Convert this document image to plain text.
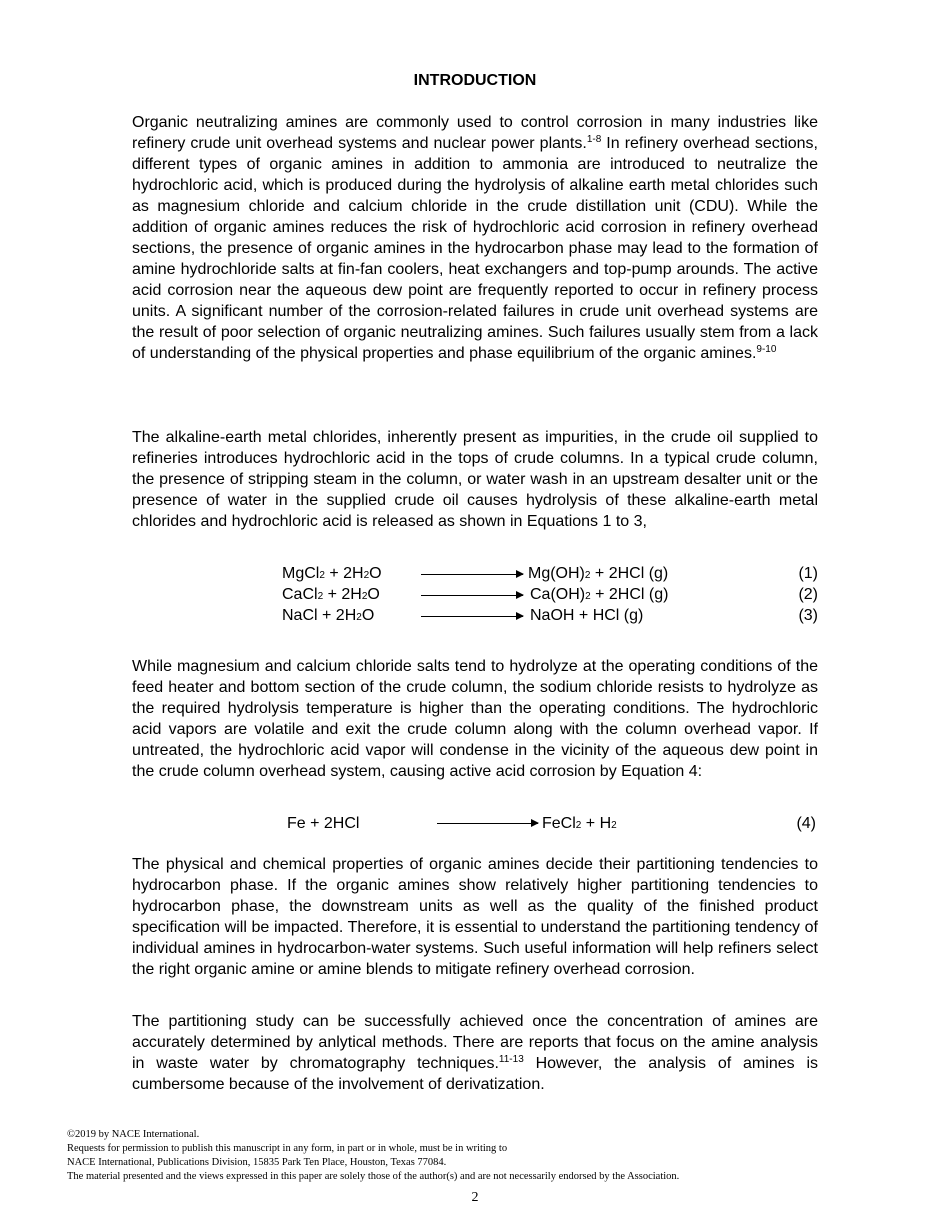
INTRODUCTION

Organic neutralizing amines are commonly used to control corrosion in many industries like refinery crude unit overhead systems and nuclear power plants.$^{1-8}$ In refinery overhead sections, different types of organic amines in addition to ammonia are introduced to neutralize the hydrochloric acid, which is produced during the hydrolysis of alkaline earth metal chlorides such as magnesium chloride and calcium chloride in the crude distillation unit (CDU). While the addition of organic amines reduces the risk of hydrochloric acid corrosion in refinery overhead sections, the presence of organic amines in the hydrocarbon phase may lead to the formation of amine hydrochloride salts at fin-fan coolers, heat exchangers and top-pump arounds. The active acid corrosion near the aqueous dew point are frequently reported to occur in refinery process units. A significant number of the corrosion-related failures in crude unit overhead systems are the result of poor selection of organic neutralizing amines. Such failures usually stem from a lack of understanding of the physical properties and phase equilibrium of the organic amines.$^{9-10}$

The alkaline-earth metal chlorides, inherently present as impurities, in the crude oil supplied to refineries introduces hydrochloric acid in the tops of crude columns. In a typical crude column, the presence of stripping steam in the column, or water wash in an upstream desalter unit or the presence of water in the supplied crude oil causes hydrolysis of these alkaline-earth metal chlorides and hydrochloric acid is released as shown in Equations 1 to 3,

MgCl2 + 2H2O	Mg(OH)2 + 2HCl (g)	(1)
CaCl2 + 2H2O	Ca(OH)2 + 2HCl (g)	(2)
NaCl + 2H2O	NaOH + HCl (g)	(3)

While magnesium and calcium chloride salts tend to hydrolyze at the operating conditions of the feed heater and bottom section of the crude column, the sodium chloride resists to hydrolyze as the required hydrolysis temperature is higher than the operating conditions. The hydrochloric acid vapors are volatile and exit the crude column along with the column overhead vapor. If untreated, the hydrochloric acid vapor will condense in the vicinity of the aqueous dew point in the crude column overhead system, causing active acid corrosion by Equation 4:

Fe + 2HCl	FeCl2 + H2	(4)

The physical and chemical properties of organic amines decide their partitioning tendencies to hydrocarbon phase. If the organic amines show relatively higher partitioning tendencies to hydrocarbon phase, the downstream units as well as the quality of the finished product specification will be impacted. Therefore, it is essential to understand the partitioning tendency of individual amines in hydrocarbon-water systems. Such useful information will help refiners select the right organic amine or amine blends to mitigate refinery overhead corrosion.

The partitioning study can be successfully achieved once the concentration of amines are accurately determined by anlytical methods. There are reports that focus on the amine analysis in waste water by chromatography techniques.$^{11-13}$ However, the analysis of amines is cumbersome because of the involvement of derivatization.

©2019 by NACE International.
Requests for permission to publish this manuscript in any form, in part or in whole, must be in writing to
NACE International, Publications Division, 15835 Park Ten Place, Houston, Texas 77084.
The material presented and the views expressed in this paper are solely those of the author(s) and are not necessarily endorsed by the Association.
2
